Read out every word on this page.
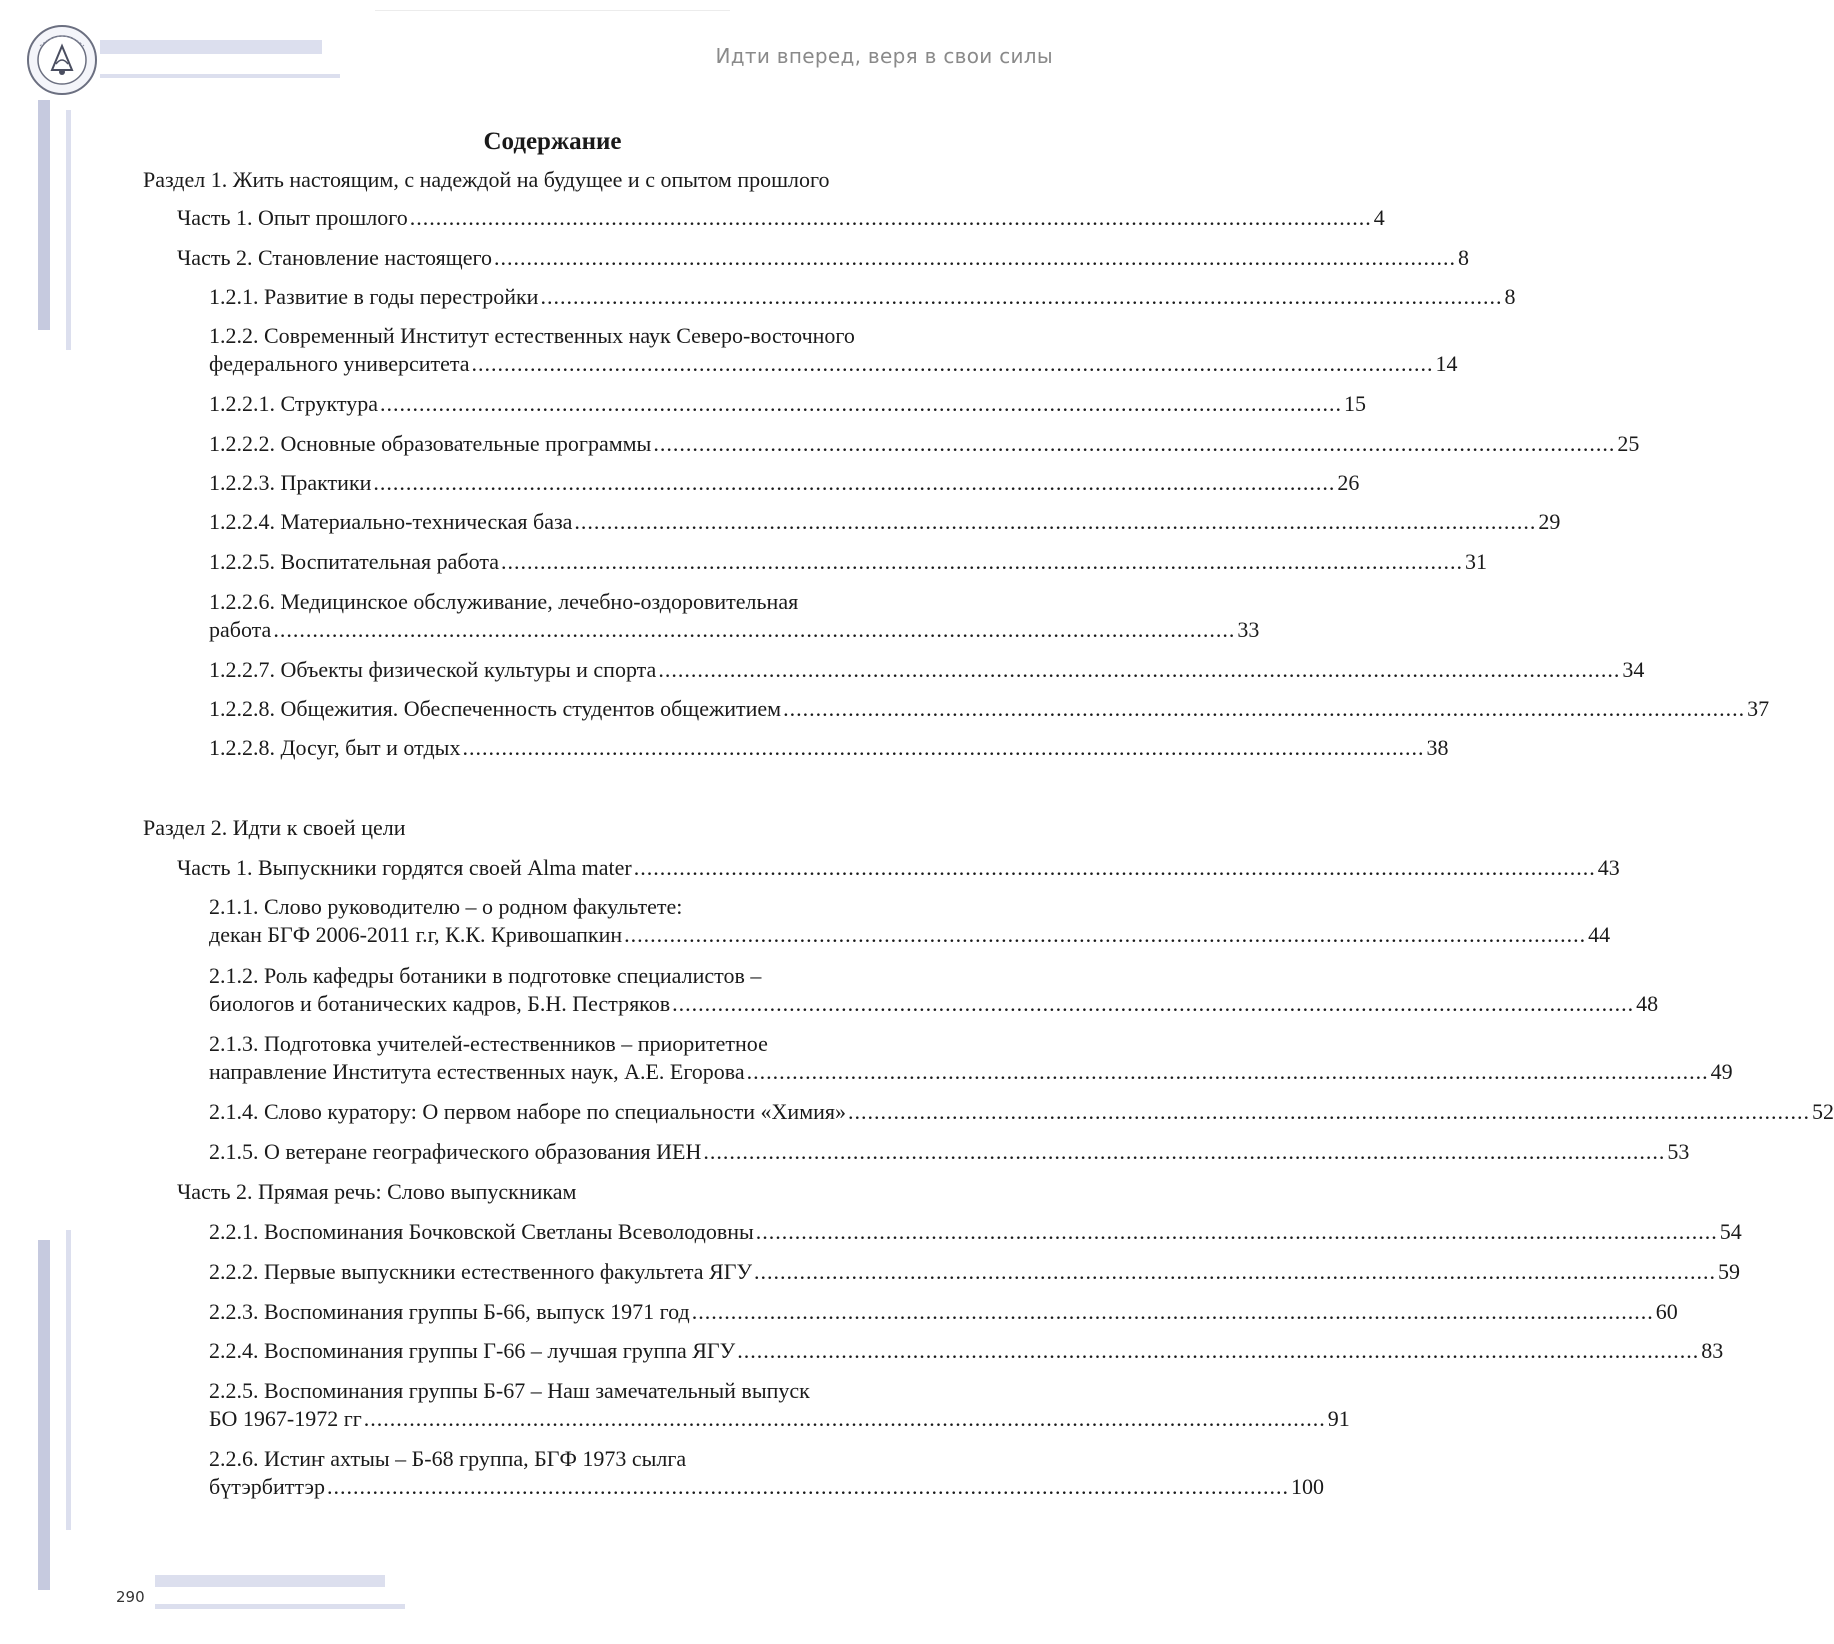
Идти вперед, веря в свои силы
Содержание
Раздел 1. Жить настоящим, с надеждой на будущее и с опытом прошлого
Часть 1. Опыт прошлого .................................................................................................................................................... 4
Часть 2. Становление настоящего .................................................................................................................................................... 8
1.2.1. Развитие в годы перестройки .................................................................................................................................................... 8
1.2.2. Современный Институт естественных наук Северо-восточного
федерального университета .................................................................................................................................................... 14
1.2.2.1. Структура .................................................................................................................................................... 15
1.2.2.2. Основные образовательные программы .................................................................................................................................................... 25
1.2.2.3. Практики .................................................................................................................................................... 26
1.2.2.4. Материально-техническая база .................................................................................................................................................... 29
1.2.2.5. Воспитательная работа .................................................................................................................................................... 31
1.2.2.6. Медицинское обслуживание, лечебно-оздоровительная
работа .................................................................................................................................................... 33
1.2.2.7. Объекты физической культуры и спорта .................................................................................................................................................... 34
1.2.2.8. Общежития. Обеспеченность студентов общежитием .................................................................................................................................................... 37
1.2.2.8. Досуг, быт и отдых .................................................................................................................................................... 38
Раздел 2. Идти к своей цели
Часть 1. Выпускники гордятся своей Alma mater .................................................................................................................................................... 43
2.1.1. Слово руководителю – о родном факультете:
декан БГФ 2006-2011 г.г, К.К. Кривошапкин .................................................................................................................................................... 44
2.1.2. Роль кафедры ботаники в подготовке специалистов –
биологов и ботанических кадров, Б.Н. Пестряков .................................................................................................................................................... 48
2.1.3. Подготовка учителей-естественников – приоритетное
направление Института естественных наук, А.Е. Егорова .................................................................................................................................................... 49
2.1.4. Слово куратору: О первом наборе по специальности «Химия» .................................................................................................................................................... 52
2.1.5. О ветеране географического образования ИЕН .................................................................................................................................................... 53
Часть 2. Прямая речь: Слово выпускникам
2.2.1. Воспоминания Бочковской Светланы Всеволодовны .................................................................................................................................................... 54
2.2.2. Первые выпускники естественного факультета ЯГУ .................................................................................................................................................... 59
2.2.3. Воспоминания группы Б-66, выпуск 1971 год .................................................................................................................................................... 60
2.2.4. Воспоминания группы Г-66 – лучшая группа ЯГУ .................................................................................................................................................... 83
2.2.5. Воспоминания группы Б-67 – Наш замечательный выпуск
БО 1967-1972 гг .................................................................................................................................................... 91
2.2.6. Истиҥ ахтыы – Б-68 группа, БГФ 1973 сылга
бүтэрбиттэр .................................................................................................................................................... 100
290
